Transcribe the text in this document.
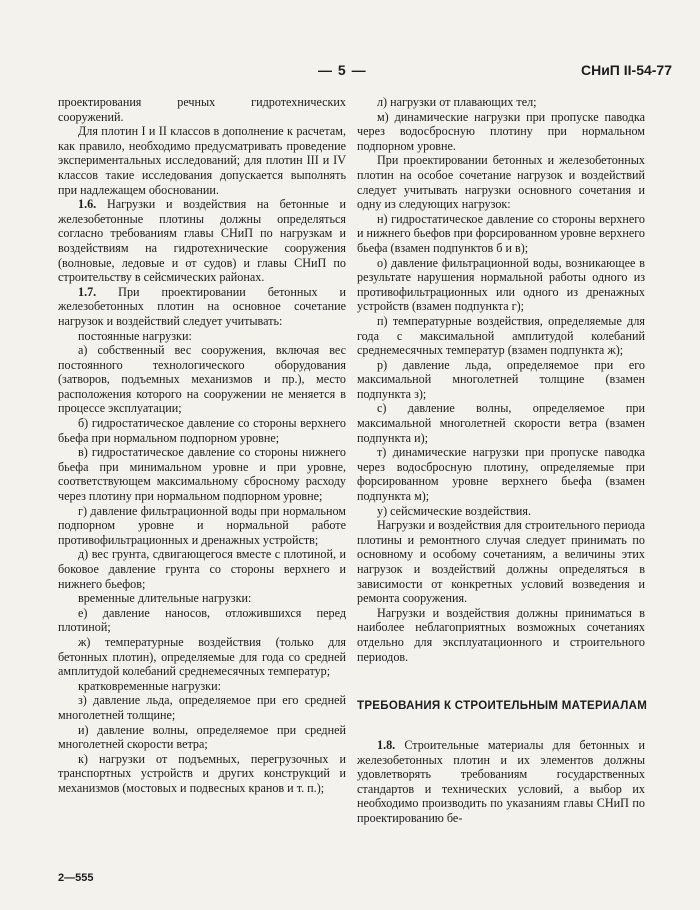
— 5 —	СНиП II-54-77

проектирования речных гидротехнических сооружений.

Для плотин I и II классов в дополнение к расчетам, как правило, необходимо предусматривать проведение экспериментальных исследований; для плотин III и IV классов такие исследования допускается выполнять при надлежащем обосновании.

1.6. Нагрузки и воздействия на бетонные и железобетонные плотины должны определяться согласно требованиям главы СНиП по нагрузкам и воздействиям на гидротехнические сооружения (волновые, ледовые и от судов) и главы СНиП по строительству в сейсмических районах.

1.7. При проектировании бетонных и железобетонных плотин на основное сочетание нагрузок и воздействий следует учитывать:

постоянные нагрузки:

а) собственный вес сооружения, включая вес постоянного технологического оборудования (затворов, подъемных механизмов и пр.), место расположения которого на сооружении не меняется в процессе эксплуатации;

б) гидростатическое давление со стороны верхнего бьефа при нормальном подпорном уровне;

в) гидростатическое давление со стороны нижнего бьефа при минимальном уровне и при уровне, соответствующем максимальному сбросному расходу через плотину при нормальном подпорном уровне;

г) давление фильтрационной воды при нормальном подпорном уровне и нормальной работе противофильтрационных и дренажных устройств;

д) вес грунта, сдвигающегося вместе с плотиной, и боковое давление грунта со стороны верхнего и нижнего бьефов;

временные длительные нагрузки:

е) давление наносов, отложившихся перед плотиной;

ж) температурные воздействия (только для бетонных плотин), определяемые для года со средней амплитудой колебаний среднемесячных температур;

кратковременные нагрузки:

з) давление льда, определяемое при его средней многолетней толщине;

и) давление волны, определяемое при средней многолетней скорости ветра;

к) нагрузки от подъемных, перегрузочных и транспортных устройств и других конструкций и механизмов (мостовых и подвесных кранов и т. п.);

л) нагрузки от плавающих тел;

м) динамические нагрузки при пропуске паводка через водосбросную плотину при нормальном подпорном уровне.

При проектировании бетонных и железобетонных плотин на особое сочетание нагрузок и воздействий следует учитывать нагрузки основного сочетания и одну из следующих нагрузок:

н) гидростатическое давление со стороны верхнего и нижнего бьефов при форсированном уровне верхнего бьефа (взамен подпунктов б и в);

о) давление фильтрационной воды, возникающее в результате нарушения нормальной работы одного из противофильтрационных или одного из дренажных устройств (взамен подпункта г);

п) температурные воздействия, определяемые для года с максимальной амплитудой колебаний среднемесячных температур (взамен подпункта ж);

р) давление льда, определяемое при его максимальной многолетней толщине (взамен подпункта з);

с) давление волны, определяемое при максимальной многолетней скорости ветра (взамен подпункта и);

т) динамические нагрузки при пропуске паводка через водосбросную плотину, определяемые при форсированном уровне верхнего бьефа (взамен подпункта м);

у) сейсмические воздействия.

Нагрузки и воздействия для строительного периода плотины и ремонтного случая следует принимать по основному и особому сочетаниям, а величины этих нагрузок и воздействий должны определяться в зависимости от конкретных условий возведения и ремонта сооружения.

Нагрузки и воздействия должны приниматься в наиболее неблагоприятных возможных сочетаниях отдельно для эксплуатационного и строительного периодов.

ТРЕБОВАНИЯ К СТРОИТЕЛЬНЫМ МАТЕРИАЛАМ

1.8. Строительные материалы для бетонных и железобетонных плотин и их элементов должны удовлетворять требованиям государственных стандартов и технических условий, а выбор их необходимо производить по указаниям главы СНиП по проектированию бе-

2—555
